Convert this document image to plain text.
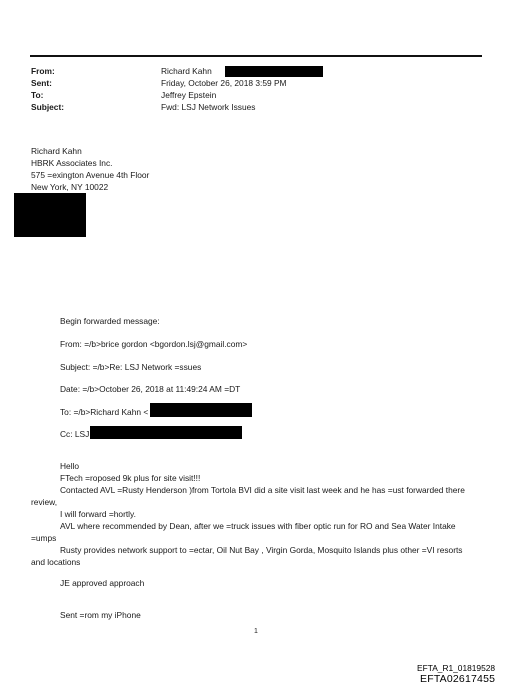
From:	Richard Kahn
Sent:	Friday, October 26, 2018 3:59 PM
To:	Jeffrey Epstein
Subject:	Fwd: LSJ Network Issues
Richard Kahn
HBRK Associates Inc.
575 =exington Avenue 4th Floor
New York, NY 10022
Begin forwarded message:
From: =/b>brice gordon <bgordon.lsj@gmail.com>
Subject: =/b>Re: LSJ Network =ssues
Date: =/b>October 26, 2018 at 11:49:24 AM =DT
To: =/b>Richard Kahn <
Cc: LSJ
Hello
FTech =roposed 9k plus for site visit!!!
Contacted AVL =Rusty Henderson )from Tortola BVI did a site visit last week and he has =ust forwarded there
review,
I will forward =hortly.
AVL where recommended by Dean, after we =truck issues with fiber optic run for RO and Sea Water Intake
=umps
Rusty provides network support to =ectar, Oil Nut Bay , Virgin Gorda, Mosquito Islands plus other =VI resorts
and locations
JE approved approach
Sent =rom my iPhone
1
EFTA_R1_01819528
EFTA02617455
